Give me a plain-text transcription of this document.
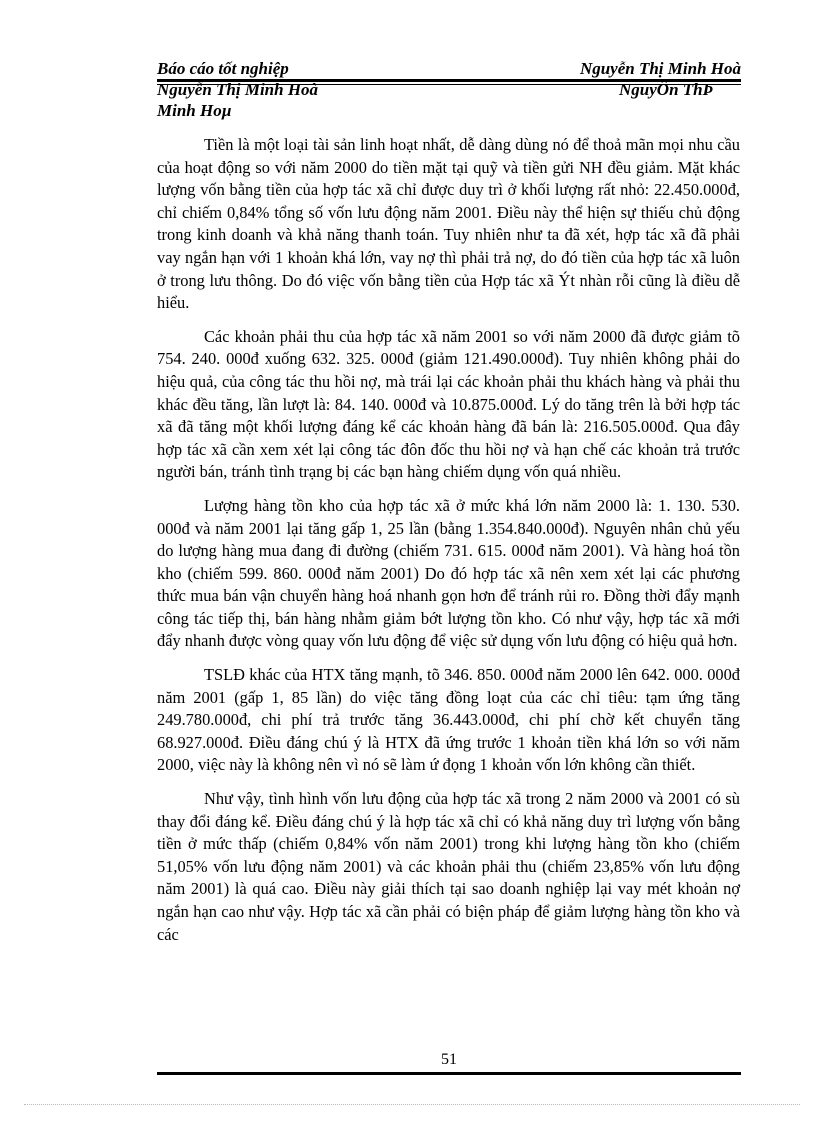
Báo cáo tốt nghiệp	Nguyễn Thị Minh Hoà
Nguyễn Thị Minh Hoà	NguyÔn ThÞ
Minh Hoµ

Tiền là một loại tài sản linh hoạt nhất, dễ dàng dùng nó để thoả mãn mọi nhu cầu của hoạt động so với năm 2000 do tiền mặt tại quỹ và tiền gửi NH đều giảm. Mặt khác lượng vốn bằng tiền của hợp tác xã chỉ được duy trì ở khối lượng rất nhỏ: 22.450.000đ, chỉ chiếm 0,84% tổng số vốn lưu động năm 2001. Điều này thể hiện sự thiếu chủ động trong kinh doanh và khả năng thanh toán. Tuy nhiên như ta đã xét, hợp tác xã đã phải vay ngắn hạn với 1 khoản khá lớn, vay nợ thì phải trả nợ, do đó tiền của hợp tác xã luôn ở trong lưu thông. Do đó việc vốn bằng tiền của Hợp tác xã Ýt nhàn rỗi cũng là điều dễ hiểu.

Các khoản phải thu của hợp tác xã năm 2001 so với năm 2000 đã được giảm tõ 754. 240. 000đ xuống 632. 325. 000đ (giảm 121.490.000đ). Tuy nhiên không phải do hiệu quả, của công tác thu hồi nợ, mà trái lại các khoản phải thu khách hàng và phải thu khác đều tăng, lần lượt là: 84. 140. 000đ và 10.875.000đ. Lý do tăng trên là bởi hợp tác xã đã tăng một khối lượng đáng kể các khoản hàng đã bán là: 216.505.000đ. Qua đây hợp tác xã cần xem xét lại công tác đôn đốc thu hồi nợ và hạn chế các khoản trả trước người bán, tránh tình trạng bị các bạn hàng chiếm dụng vốn quá nhiều.

Lượng hàng tồn kho của hợp tác xã ở mức khá lớn năm 2000 là: 1. 130. 530. 000đ và năm 2001 lại tăng gấp 1, 25 lần (bằng 1.354.840.000đ). Nguyên nhân chủ yếu do lượng hàng mua đang đi đường (chiếm 731. 615. 000đ năm 2001). Và hàng hoá tồn kho (chiếm 599. 860. 000đ năm 2001) Do đó hợp tác xã nên xem xét lại các phương thức mua bán vận chuyển hàng hoá nhanh gọn hơn để tránh rủi ro. Đồng thời đẩy mạnh công tác tiếp thị, bán hàng nhằm giảm bớt lượng tồn kho. Có như vậy, hợp tác xã mới đẩy nhanh được vòng quay vốn lưu động để việc sử dụng vốn lưu động có hiệu quả hơn.

TSLĐ khác của HTX tăng mạnh, tõ 346. 850. 000đ năm 2000 lên 642. 000. 000đ năm 2001 (gấp 1, 85 lần) do việc tăng đồng loạt của các chỉ tiêu: tạm ứng tăng 249.780.000đ, chi phí trả trước tăng 36.443.000đ, chi phí chờ kết chuyển tăng 68.927.000đ. Điều đáng chú ý là HTX đã ứng trước 1 khoản tiền khá lớn so với năm 2000, việc này là không nên vì nó sẽ làm ứ đọng 1 khoản vốn lớn không cần thiết.

Như vậy, tình hình vốn lưu động của hợp tác xã trong 2 năm 2000 và 2001 có sù thay đổi đáng kể. Điều đáng chú ý là hợp tác xã chỉ có khả năng duy trì lượng vốn bằng tiền ở mức thấp (chiếm 0,84% vốn năm 2001) trong khi lượng hàng tồn kho (chiếm 51,05% vốn lưu động năm 2001) và các khoản phải thu (chiếm 23,85% vốn lưu động năm 2001) là quá cao. Điều này giải thích tại sao doanh nghiệp lại vay mét khoản nợ ngắn hạn cao như vậy. Hợp tác xã cần phải có biện pháp để giảm lượng hàng tồn kho và các

51
